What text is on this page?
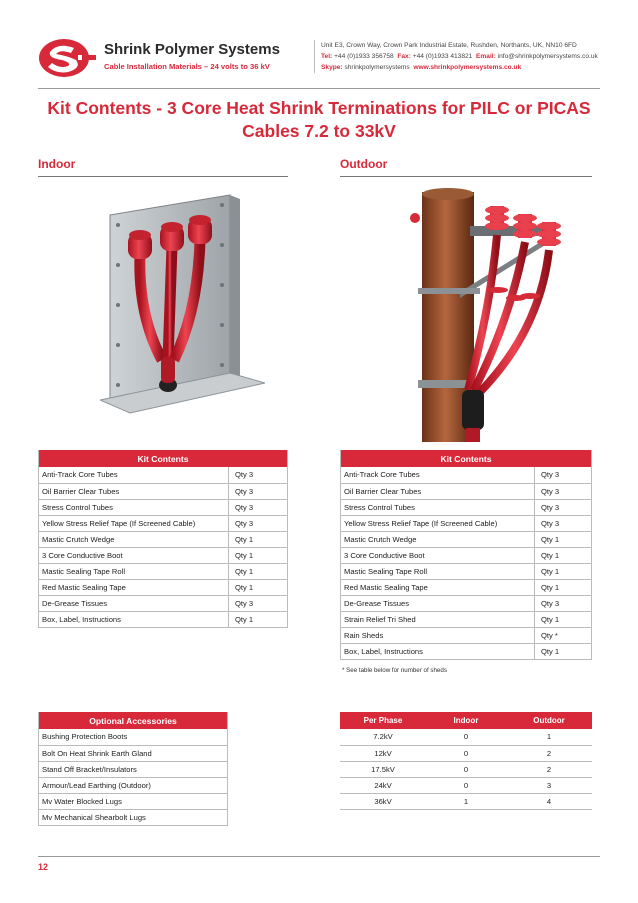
Shrink Polymer Systems
Cable Installation Materials – 24 volts to 36 kV
Unit E3, Crown Way, Crown Park Industrial Estate, Rushden, Northants, UK, NN10 6FD
Tel: +44 (0)1933 356758 Fax: +44 (0)1933 413821 Email: info@shrinkpolymersystems.co.uk
Skype: shrinkpolymersystems www.shrinkpolymersystems.co.uk
Kit Contents - 3 Core Heat Shrink Terminations for PILC or PICAS Cables 7.2 to 33kV
Indoor	Outdoor
Kit Contents	
Anti-Track Core Tubes	Qty 3
Oil Barrier Clear Tubes	Qty 3
Stress Control Tubes	Qty 3
Yellow Stress Relief Tape (If Screened Cable)	Qty 3
Mastic Crutch Wedge	Qty 1
3 Core Conductive Boot	Qty 1
Mastic Sealing Tape Roll	Qty 1
Red Mastic Sealing Tape	Qty 1
De-Grease Tissues	Qty 3
Box, Label, Instructions	Qty 1
Kit Contents	
Anti-Track Core Tubes	Qty 3
Oil Barrier Clear Tubes	Qty 3
Stress Control Tubes	Qty 3
Yellow Stress Relief Tape (If Screened Cable)	Qty 3
Mastic Crutch Wedge	Qty 1
3 Core Conductive Boot	Qty 1
Mastic Sealing Tape Roll	Qty 1
Red Mastic Sealing Tape	Qty 1
De-Grease Tissues	Qty 3
Strain Relief Tri Shed	Qty 1
Rain Sheds	Qty *
Box, Label, Instructions	Qty 1
* See table below for number of sheds
Optional Accessories
Bushing Protection Boots
Bolt On Heat Shrink Earth Gland
Stand Off Bracket/Insulators
Armour/Lead Earthing (Outdoor)
Mv Water Blocked Lugs
Mv Mechanical Shearbolt Lugs
Per Phase	Indoor	Outdoor
7.2kV	0	1
12kV	0	2
17.5kV	0	2
24kV	0	3
36kV	1	4
12
